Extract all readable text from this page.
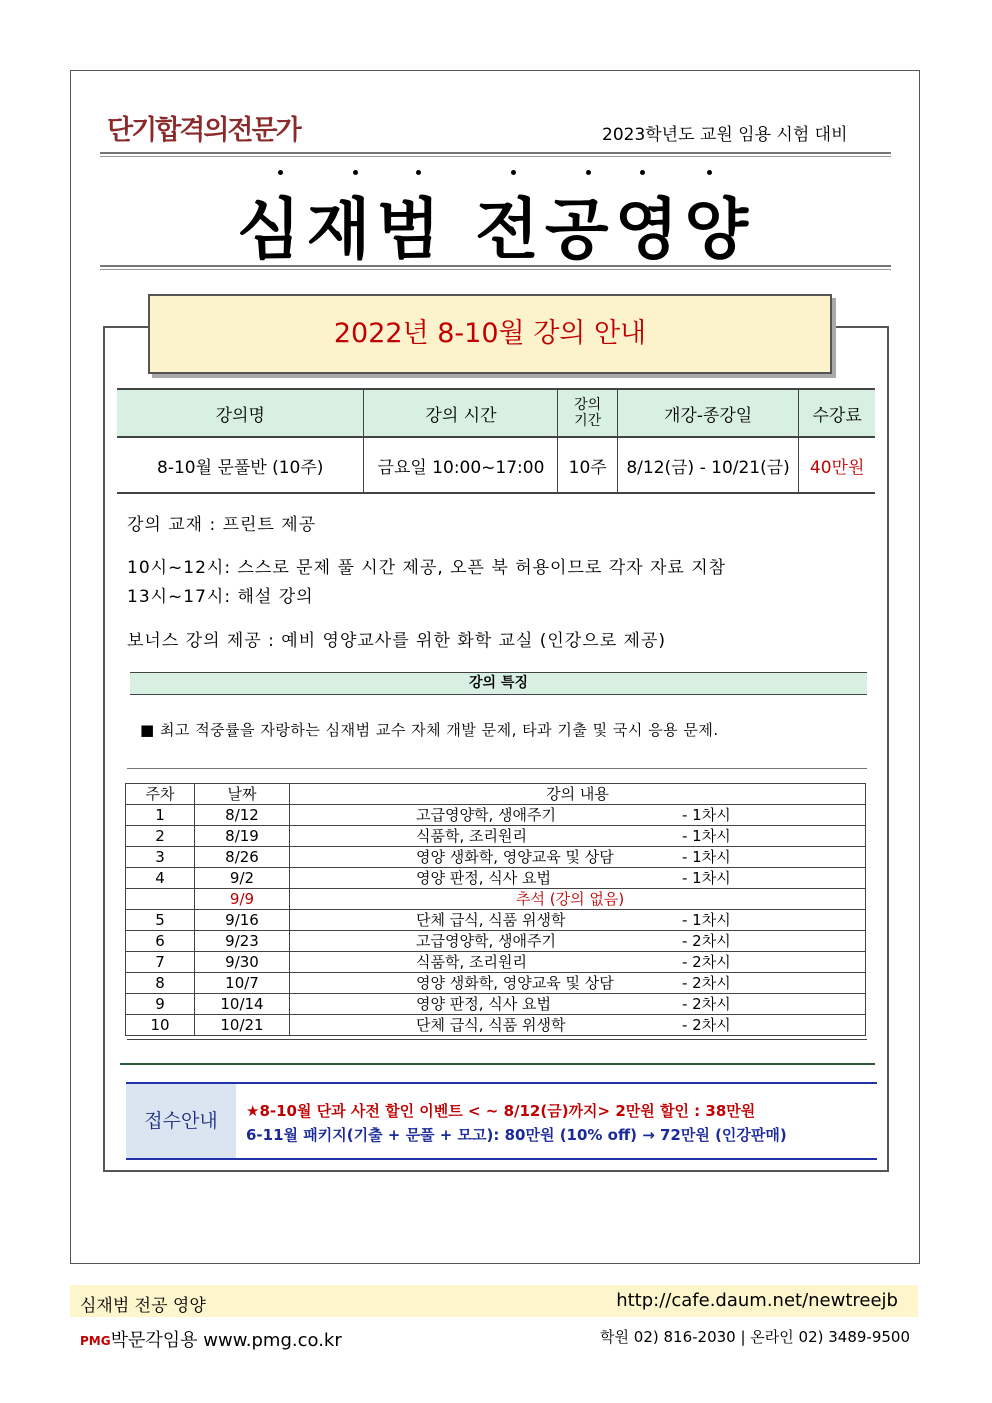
단기합격의전문가	2023학년도 교원 임용 시험 대비
심재범 전공영양
2022년 8-10월 강의 안내
강의명	강의 시간	강의기간	개강-종강일	수강료
8-10월 문풀반 (10주)	금요일 10:00~17:00	10주	8/12(금) - 10/21(금)	40만원
강의 교재 : 프린트 제공
10시~12시: 스스로 문제 풀 시간 제공, 오픈 북 허용이므로 각자 자료 지참
13시~17시: 해설 강의
보너스 강의 제공 : 예비 영양교사를 위한 화학 교실 (인강으로 제공)
강의 특징
■ 최고 적중률을 자랑하는 심재범 교수 자체 개발 문제, 타과 기출 및 국시 응용 문제.
주차	날짜	강의 내용
1	8/12	고급영양학, 생애주기 - 1차시

2	8/19	식품학, 조리원리 - 1차시

3	8/26	영양 생화학, 영양교육 및 상담 - 1차시

4	9/2	영양 판정, 식사 요법 - 1차시

	9/9	추석 (강의 없음)

5	9/16	단체 급식, 식품 위생학 - 1차시

6	9/23	고급영양학, 생애주기 - 2차시

7	9/30	식품학, 조리원리 - 2차시

8	10/7	영양 생화학, 영양교육 및 상담 - 2차시

9	10/14	영양 판정, 식사 요법 - 2차시

10	10/21	단체 급식, 식품 위생학 - 2차시
접수안내	★8-10월 단과 사전 할인 이벤트 < ~ 8/12(금)까지> 2만원 할인 : 38만원
6-11월 패키지(기출 + 문풀 + 모고): 80만원 (10% off) → 72만원 (인강판매)
심재범 전공 영양	http://cafe.daum.net/newtreejb
PMG박문각임용 www.pmg.co.kr	학원 02) 816-2030 | 온라인 02) 3489-9500
